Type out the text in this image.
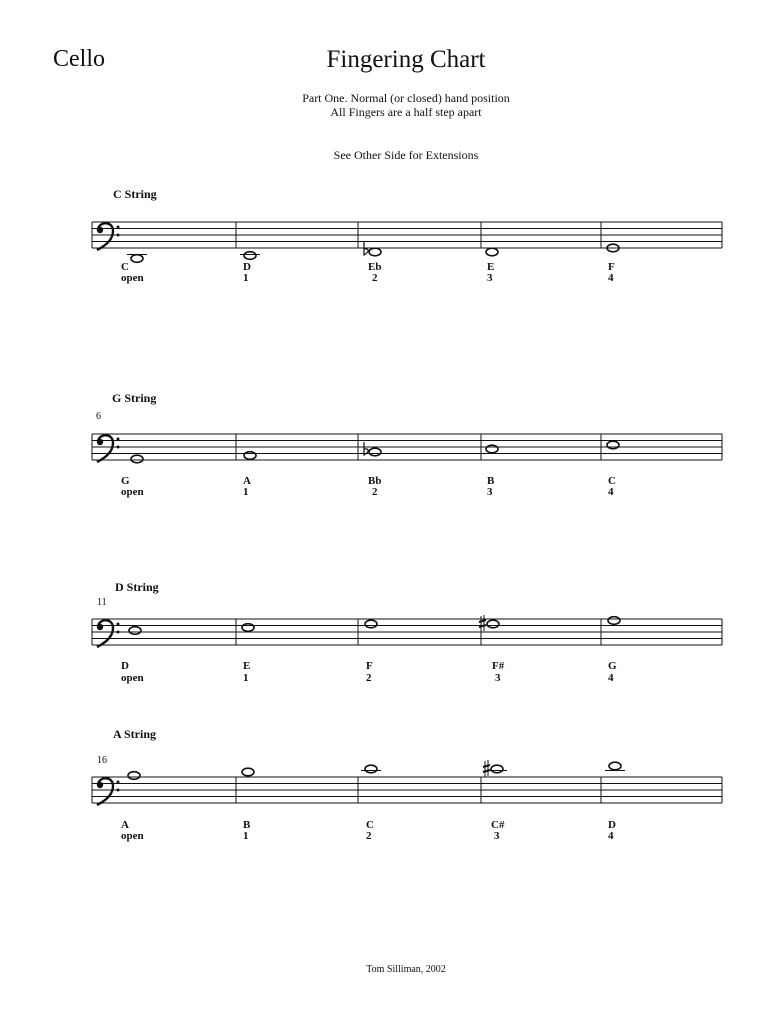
Cello	Fingering Chart
Part One. Normal (or closed) hand position
All Fingers are a half step apart
See Other Side for Extensions
C String
G String
6
D String
11
A String
16
C
open
D
1
Eb
2
E
3
F
4
G
open
A
1
Bb
2
B
3
C
4
D
open
E
1
F
2
F#
3
G
4
A
open
B
1
C
2
C#
3
D
4
Tom Silliman, 2002
